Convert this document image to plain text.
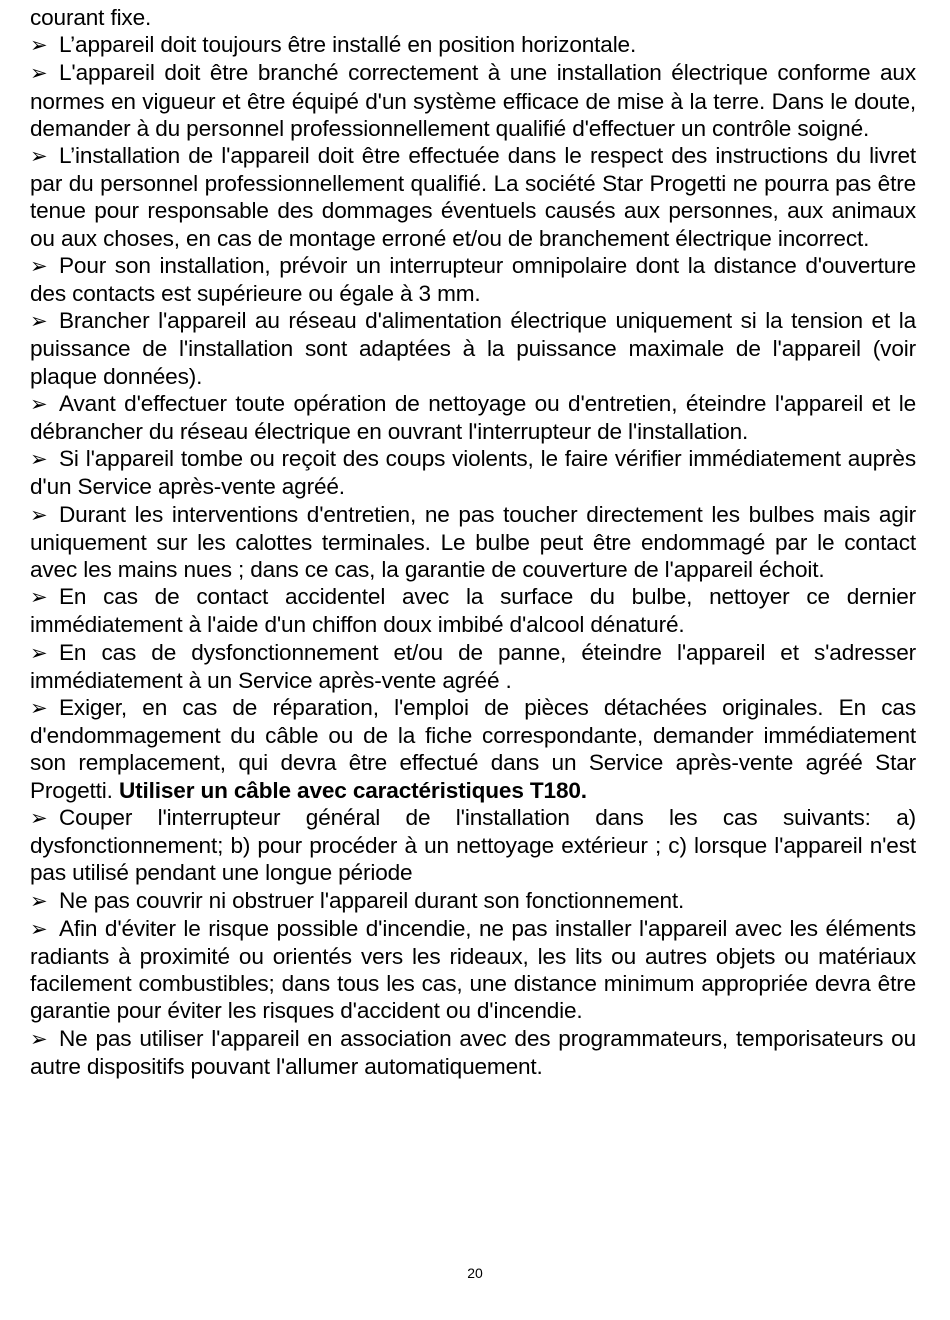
courant fixe.

➢ L’appareil doit toujours être installé en position horizontale.

➢ L'appareil doit être branché correctement à une installation électrique conforme aux normes en vigueur et être équipé d'un système efficace de mise à la terre. Dans le doute, demander à du personnel professionnellement qualifié d'effectuer un contrôle soigné.

➢ L’installation de l'appareil doit être effectuée dans le respect des instructions du livret par du personnel professionnellement qualifié. La société Star Progetti ne pourra pas être tenue pour responsable des dommages éventuels causés aux personnes, aux animaux ou aux choses, en cas de montage erroné et/ou de branchement électrique incorrect.

➢ Pour son installation, prévoir un interrupteur omnipolaire dont la distance d'ouverture des contacts est supérieure ou égale à 3 mm.

➢ Brancher l'appareil au réseau d'alimentation électrique uniquement si la tension et la puissance de l'installation sont adaptées à la puissance maximale de l'appareil (voir plaque données).

➢ Avant d'effectuer toute opération de nettoyage ou d'entretien, éteindre l'appareil et le débrancher du réseau électrique en ouvrant l'interrupteur de l'installation.

➢ Si l'appareil tombe ou reçoit des coups violents, le faire vérifier immédiatement auprès d'un Service après-vente agréé.

➢ Durant les interventions d'entretien, ne pas toucher directement les bulbes mais agir uniquement sur les calottes terminales. Le bulbe peut être endommagé par le contact avec les mains nues ; dans ce cas, la garantie de couverture de l'appareil échoit.

➢ En cas de contact accidentel avec la surface du bulbe, nettoyer ce dernier immédiatement à l'aide d'un chiffon doux imbibé d'alcool dénaturé.

➢ En cas de dysfonctionnement et/ou de panne, éteindre l'appareil et s'adresser immédiatement à un Service après-vente agréé .

➢ Exiger, en cas de réparation, l'emploi de pièces détachées originales. En cas d'endommagement du câble ou de la fiche correspondante, demander immédiatement son remplacement, qui devra être effectué dans un Service après-vente agréé Star Progetti. Utiliser un câble avec caractéristiques T180.

➢ Couper l'interrupteur général de l'installation dans les cas suivants: a) dysfonctionnement; b) pour procéder à un nettoyage extérieur ; c) lorsque l'appareil n'est pas utilisé pendant une longue période

➢ Ne pas couvrir ni obstruer l'appareil durant son fonctionnement.

➢ Afin d'éviter le risque possible d'incendie, ne pas installer l'appareil avec les éléments radiants à proximité ou orientés vers les rideaux, les lits ou autres objets ou matériaux facilement combustibles; dans tous les cas, une distance minimum appropriée devra être garantie pour éviter les risques d'accident ou d'incendie.

➢ Ne pas utiliser l'appareil en association avec des programmateurs, temporisateurs ou autre dispositifs pouvant l'allumer automatiquement.

20
